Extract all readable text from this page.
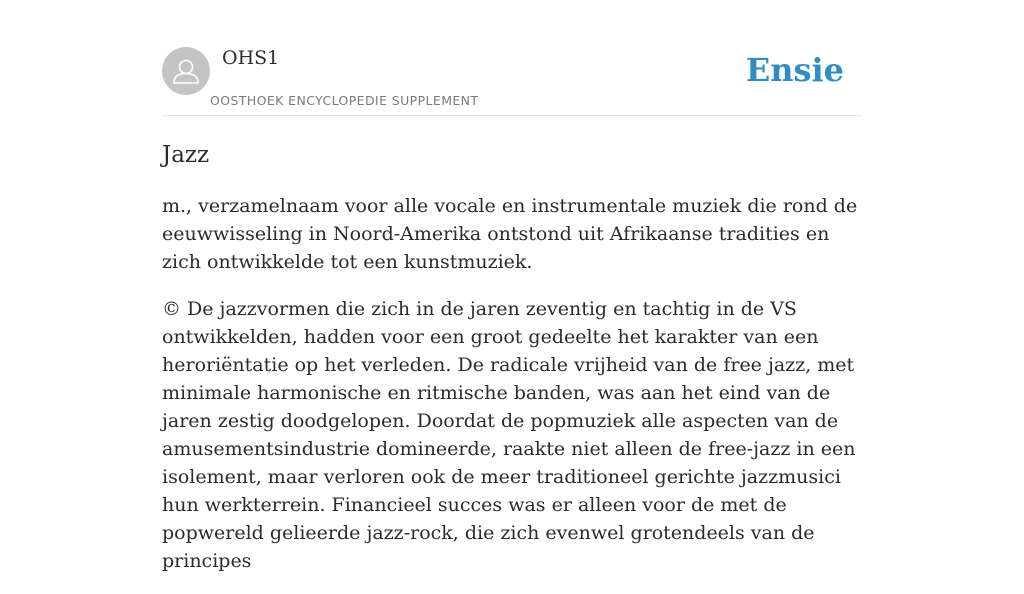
OHS1
OOSTHOEK ENCYCLOPEDIE SUPPLEMENT
Ensie
Jazz

m., verzamelnaam voor alle vocale en instrumentale muziek die rond de eeuwwisseling in Noord-Amerika ontstond uit Afrikaanse tradities en zich ontwikkelde tot een kunstmuziek.

© De jazzvormen die zich in de jaren zeventig en tachtig in de VS ontwikkelden, hadden voor een groot gedeelte het karakter van een heroriëntatie op het verleden. De radicale vrijheid van de free jazz, met minimale harmonische en ritmische banden, was aan het eind van de jaren zestig doodgelopen. Doordat de popmuziek alle aspecten van de amusementsindustrie domineerde, raakte niet alleen de free-jazz in een isolement, maar verloren ook de meer traditioneel gerichte jazzmusici hun werkterrein. Financieel succes was er alleen voor de met de popwereld gelieerde jazz-rock, die zich evenwel grotendeels van de principes
